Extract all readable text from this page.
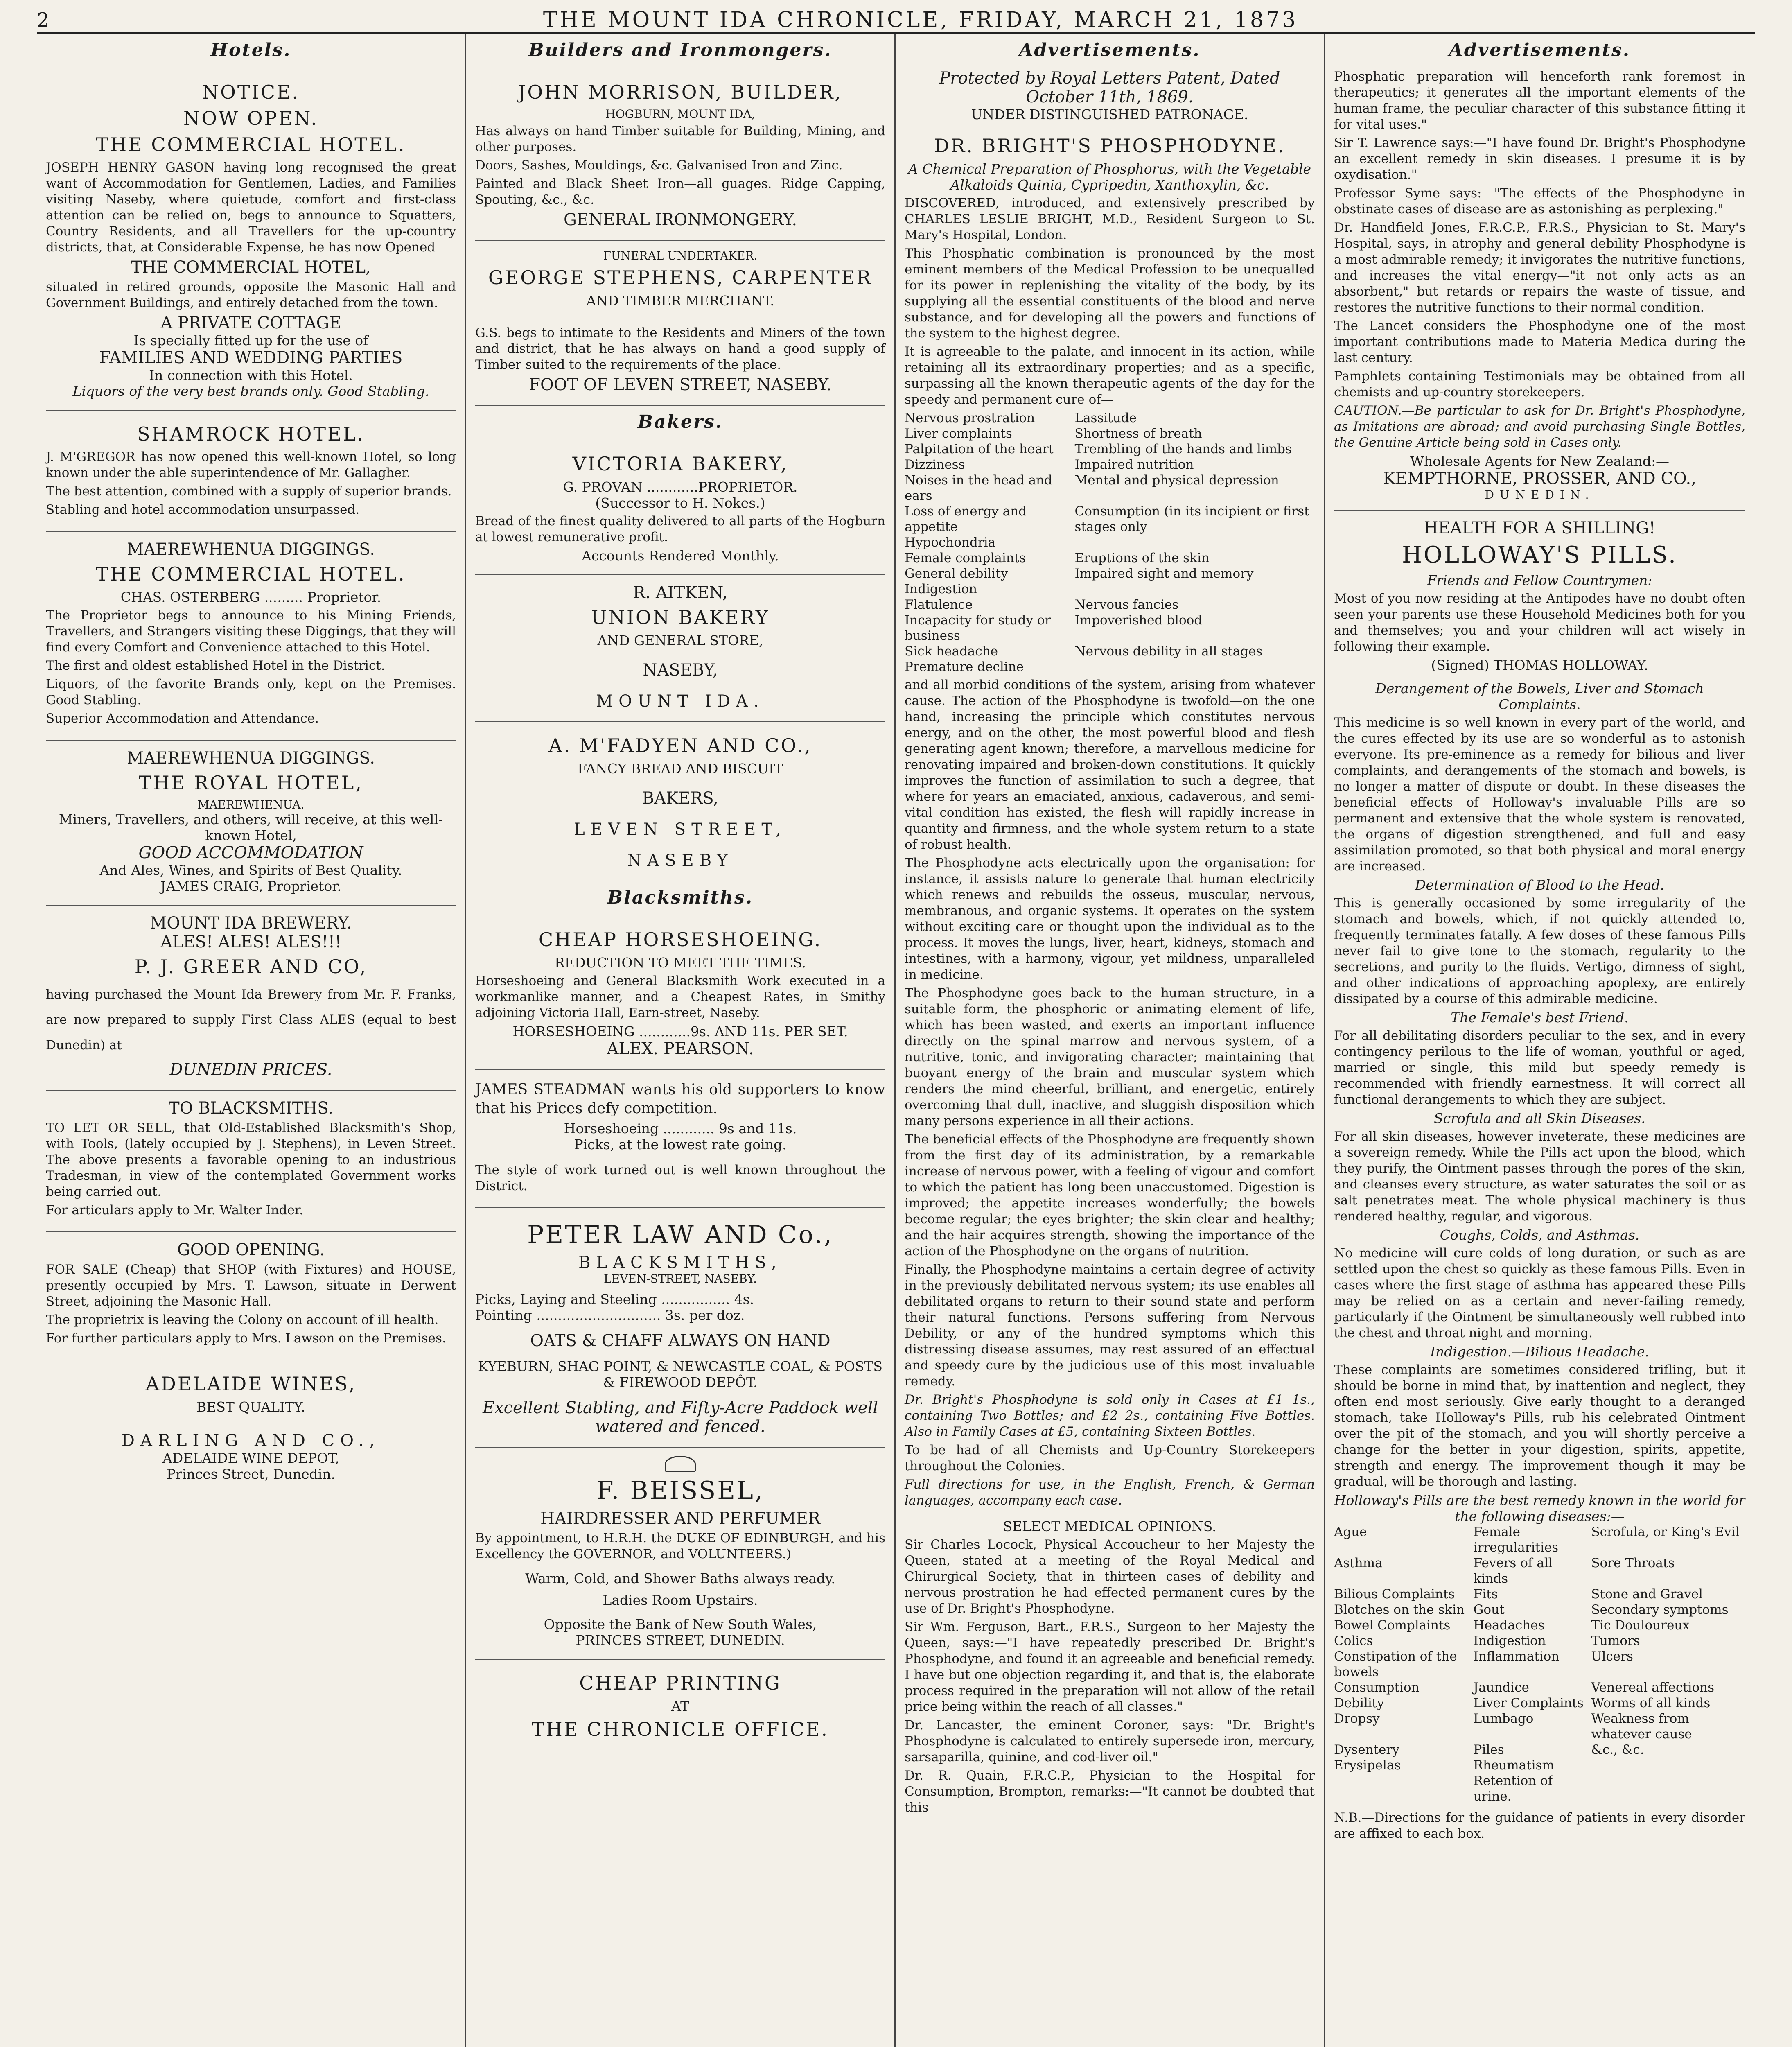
2	THE MOUNT IDA CHRONICLE, FRIDAY, MARCH 21, 1873
Hotels.
NOTICE.
NOW OPEN.
THE COMMERCIAL HOTEL.

JOSEPH HENRY GASON having long recognised the great want of Accommodation for Gentlemen, Ladies, and Families visiting Naseby, where quietude, comfort and first-class attention can be relied on, begs to announce to Squatters, Country Residents, and all Travellers for the up-country districts, that, at Considerable Expense, he has now Opened

THE COMMERCIAL HOTEL,

situated in retired grounds, opposite the Masonic Hall and Government Buildings, and entirely detached from the town.

A PRIVATE COTTAGE
Is specially fitted up for the use of
FAMILIES AND WEDDING PARTIES
In connection with this Hotel.
Liquors of the very best brands only. Good Stabling.
SHAMROCK HOTEL.

J. M'GREGOR has now opened this well-known Hotel, so long known under the able superintendence of Mr. Gallagher.

The best attention, combined with a supply of superior brands.

Stabling and hotel accommodation unsurpassed.

MAEREWHENUA DIGGINGS.
THE COMMERCIAL HOTEL.
CHAS. OSTERBERG ......... Proprietor.

The Proprietor begs to announce to his Mining Friends, Travellers, and Strangers visiting these Diggings, that they will find every Comfort and Convenience attached to this Hotel.

The first and oldest established Hotel in the District.

Liquors, of the favorite Brands only, kept on the Premises. Good Stabling.

Superior Accommodation and Attendance.

MAEREWHENUA DIGGINGS.
THE ROYAL HOTEL,
MAEREWHENUA.
Miners, Travellers, and others, will receive, at this well-known Hotel,
GOOD ACCOMMODATION
And Ales, Wines, and Spirits of Best Quality.
JAMES CRAIG, Proprietor.
MOUNT IDA BREWERY.
ALES! ALES! ALES!!!
P. J. GREER AND CO,

having purchased the Mount Ida Brewery from Mr. F. Franks, are now prepared to supply First Class ALES (equal to best Dunedin) at

DUNEDIN PRICES.
TO BLACKSMITHS.

TO LET OR SELL, that Old-Established Blacksmith's Shop, with Tools, (lately occupied by J. Stephens), in Leven Street. The above presents a favorable opening to an industrious Tradesman, in view of the contemplated Government works being carried out.

For articulars apply to Mr. Walter Inder.

GOOD OPENING.

FOR SALE (Cheap) that SHOP (with Fixtures) and HOUSE, presently occupied by Mrs. T. Lawson, situate in Derwent Street, adjoining the Masonic Hall.

The proprietrix is leaving the Colony on account of ill health.

For further particulars apply to Mrs. Lawson on the Premises.

ADELAIDE WINES,
BEST QUALITY.
DARLING AND CO.,
ADELAIDE WINE DEPOT,
Princes Street, Dunedin.
Builders and Ironmongers.
JOHN MORRISON, BUILDER,
HOGBURN, MOUNT IDA,

Has always on hand Timber suitable for Building, Mining, and other purposes.

Doors, Sashes, Mouldings, &c. Galvanised Iron and Zinc.

Painted and Black Sheet Iron—all guages. Ridge Capping, Spouting, &c., &c.

GENERAL IRONMONGERY.
FUNERAL UNDERTAKER.
GEORGE STEPHENS, CARPENTER
AND TIMBER MERCHANT.

G.S. begs to intimate to the Residents and Miners of the town and district, that he has always on hand a good supply of Timber suited to the requirements of the place.

FOOT OF LEVEN STREET, NASEBY.
Bakers.
VICTORIA BAKERY,
G. PROVAN ............PROPRIETOR.
(Successor to H. Nokes.)

Bread of the finest quality delivered to all parts of the Hogburn at lowest remunerative profit.

Accounts Rendered Monthly.
R. AITKEN,
UNION BAKERY
AND GENERAL STORE,
NASEBY,
MOUNT IDA.
A. M'FADYEN AND CO.,
FANCY BREAD AND BISCUIT
BAKERS,
LEVEN STREET,
NASEBY
Blacksmiths.
CHEAP HORSESHOEING.
REDUCTION TO MEET THE TIMES.

Horseshoeing and General Blacksmith Work executed in a workmanlike manner, and a Cheapest Rates, in Smithy adjoining Victoria Hall, Earn-street, Naseby.

HORSESHOEING ............9s. AND 11s. PER SET.
ALEX. PEARSON.

JAMES STEADMAN wants his old supporters to know that his Prices defy competition.

Horseshoeing ............ 9s and 11s.
Picks, at the lowest rate going.

The style of work turned out is well known throughout the District.

PETER LAW AND Co.,
BLACKSMITHS,
LEVEN-STREET, NASEBY.
Picks, Laying and Steeling ................ 4s.
Pointing ............................. 3s. per doz.
OATS & CHAFF ALWAYS ON HAND
KYEBURN, SHAG POINT, & NEWCASTLE COAL, & POSTS & FIREWOOD DEPÔT.
Excellent Stabling, and Fifty-Acre Paddock well watered and fenced.
F. BEISSEL,
HAIRDRESSER AND PERFUMER

By appointment, to H.R.H. the DUKE OF EDINBURGH, and his Excellency the GOVERNOR, and VOLUNTEERS.)

Warm, Cold, and Shower Baths always ready.
Ladies Room Upstairs.
Opposite the Bank of New South Wales,
PRINCES STREET, DUNEDIN.
CHEAP PRINTING
AT
THE CHRONICLE OFFICE.
Advertisements.
Protected by Royal Letters Patent, Dated October 11th, 1869.
UNDER DISTINGUISHED PATRONAGE.
DR. BRIGHT'S PHOSPHODYNE.
A Chemical Preparation of Phosphorus, with the Vegetable Alkaloids Quinia, Cypripedin, Xanthoxylin, &c.

DISCOVERED, introduced, and extensively prescribed by CHARLES LESLIE BRIGHT, M.D., Resident Surgeon to St. Mary's Hospital, London.

This Phosphatic combination is pronounced by the most eminent members of the Medical Profession to be unequalled for its power in replenishing the vitality of the body, by its supplying all the essential constituents of the blood and nerve substance, and for developing all the powers and functions of the system to the highest degree.

It is agreeable to the palate, and innocent in its action, while retaining all its extraordinary properties; and as a specific, surpassing all the known therapeutic agents of the day for the speedy and permanent cure of—

Nervous prostration	Lassitude
Liver complaints	Shortness of breath
Palpitation of the heart	Trembling of the hands and limbs
Dizziness	Impaired nutrition
Noises in the head and ears	Mental and physical depression
Loss of energy and appetite	Consumption (in its incipient or first stages only
Hypochondria	
Female complaints	Eruptions of the skin
General debility	Impaired sight and memory
Indigestion	
Flatulence	Nervous fancies
Incapacity for study or business	Impoverished blood
Sick headache	Nervous debility in all stages
Premature decline	

and all morbid conditions of the system, arising from whatever cause. The action of the Phosphodyne is twofold—on the one hand, increasing the principle which constitutes nervous energy, and on the other, the most powerful blood and flesh generating agent known; therefore, a marvellous medicine for renovating impaired and broken-down constitutions. It quickly improves the function of assimilation to such a degree, that where for years an emaciated, anxious, cadaverous, and semi-vital condition has existed, the flesh will rapidly increase in quantity and firmness, and the whole system return to a state of robust health.

The Phosphodyne acts electrically upon the organisation: for instance, it assists nature to generate that human electricity which renews and rebuilds the osseus, muscular, nervous, membranous, and organic systems. It operates on the system without exciting care or thought upon the individual as to the process. It moves the lungs, liver, heart, kidneys, stomach and intestines, with a harmony, vigour, yet mildness, unparalleled in medicine.

The Phosphodyne goes back to the human structure, in a suitable form, the phosphoric or animating element of life, which has been wasted, and exerts an important influence directly on the spinal marrow and nervous system, of a nutritive, tonic, and invigorating character; maintaining that buoyant energy of the brain and muscular system which renders the mind cheerful, brilliant, and energetic, entirely overcoming that dull, inactive, and sluggish disposition which many persons experience in all their actions.

The beneficial effects of the Phosphodyne are frequently shown from the first day of its administration, by a remarkable increase of nervous power, with a feeling of vigour and comfort to which the patient has long been unaccustomed. Digestion is improved; the appetite increases wonderfully; the bowels become regular; the eyes brighter; the skin clear and healthy; and the hair acquires strength, showing the importance of the action of the Phosphodyne on the organs of nutrition.

Finally, the Phosphodyne maintains a certain degree of activity in the previously debilitated nervous system; its use enables all debilitated organs to return to their sound state and perform their natural functions. Persons suffering from Nervous Debility, or any of the hundred symptoms which this distressing disease assumes, may rest assured of an effectual and speedy cure by the judicious use of this most invaluable remedy.

Dr. Bright's Phosphodyne is sold only in Cases at £1 1s., containing Two Bottles; and £2 2s., containing Five Bottles. Also in Family Cases at £5, containing Sixteen Bottles.

To be had of all Chemists and Up-Country Storekeepers throughout the Colonies.

Full directions for use, in the English, French, & German languages, accompany each case.

SELECT MEDICAL OPINIONS.

Sir Charles Locock, Physical Accoucheur to her Majesty the Queen, stated at a meeting of the Royal Medical and Chirurgical Society, that in thirteen cases of debility and nervous prostration he had effected permanent cures by the use of Dr. Bright's Phosphodyne.

Sir Wm. Ferguson, Bart., F.R.S., Surgeon to her Majesty the Queen, says:—"I have repeatedly prescribed Dr. Bright's Phosphodyne, and found it an agreeable and beneficial remedy. I have but one objection regarding it, and that is, the elaborate process required in the preparation will not allow of the retail price being within the reach of all classes."

Dr. Lancaster, the eminent Coroner, says:—"Dr. Bright's Phosphodyne is calculated to entirely supersede iron, mercury, sarsaparilla, quinine, and cod-liver oil."

Dr. R. Quain, F.R.C.P., Physician to the Hospital for Consumption, Brompton, remarks:—"It cannot be doubted that this

Advertisements.

Phosphatic preparation will henceforth rank foremost in therapeutics; it generates all the important elements of the human frame, the peculiar character of this substance fitting it for vital uses."

Sir T. Lawrence says:—"I have found Dr. Bright's Phosphodyne an excellent remedy in skin diseases. I presume it is by oxydisation."

Professor Syme says:—"The effects of the Phosphodyne in obstinate cases of disease are as astonishing as perplexing."

Dr. Handfield Jones, F.R.C.P., F.R.S., Physician to St. Mary's Hospital, says, in atrophy and general debility Phosphodyne is a most admirable remedy; it invigorates the nutritive functions, and increases the vital energy—"it not only acts as an absorbent," but retards or repairs the waste of tissue, and restores the nutritive functions to their normal condition.

The Lancet considers the Phosphodyne one of the most important contributions made to Materia Medica during the last century.

Pamphlets containing Testimonials may be obtained from all chemists and up-country storekeepers.

CAUTION.—Be particular to ask for Dr. Bright's Phosphodyne, as Imitations are abroad; and avoid purchasing Single Bottles, the Genuine Article being sold in Cases only.

Wholesale Agents for New Zealand:—
KEMPTHORNE, PROSSER, AND CO.,
DUNEDIN.
HEALTH FOR A SHILLING!
HOLLOWAY'S PILLS.
Friends and Fellow Countrymen:

Most of you now residing at the Antipodes have no doubt often seen your parents use these Household Medicines both for you and themselves; you and your children will act wisely in following their example.

(Signed) THOMAS HOLLOWAY.
Derangement of the Bowels, Liver and Stomach Complaints.

This medicine is so well known in every part of the world, and the cures effected by its use are so wonderful as to astonish everyone. Its pre-eminence as a remedy for bilious and liver complaints, and derangements of the stomach and bowels, is no longer a matter of dispute or doubt. In these diseases the beneficial effects of Holloway's invaluable Pills are so permanent and extensive that the whole system is renovated, the organs of digestion strengthened, and full and easy assimilation promoted, so that both physical and moral energy are increased.

Determination of Blood to the Head.

This is generally occasioned by some irregularity of the stomach and bowels, which, if not quickly attended to, frequently terminates fatally. A few doses of these famous Pills never fail to give tone to the stomach, regularity to the secretions, and purity to the fluids. Vertigo, dimness of sight, and other indications of approaching apoplexy, are entirely dissipated by a course of this admirable medicine.

The Female's best Friend.

For all debilitating disorders peculiar to the sex, and in every contingency perilous to the life of woman, youthful or aged, married or single, this mild but speedy remedy is recommended with friendly earnestness. It will correct all functional derangements to which they are subject.

Scrofula and all Skin Diseases.

For all skin diseases, however inveterate, these medicines are a sovereign remedy. While the Pills act upon the blood, which they purify, the Ointment passes through the pores of the skin, and cleanses every structure, as water saturates the soil or as salt penetrates meat. The whole physical machinery is thus rendered healthy, regular, and vigorous.

Coughs, Colds, and Asthmas.

No medicine will cure colds of long duration, or such as are settled upon the chest so quickly as these famous Pills. Even in cases where the first stage of asthma has appeared these Pills may be relied on as a certain and never-failing remedy, particularly if the Ointment be simultaneously well rubbed into the chest and throat night and morning.

Indigestion.—Bilious Headache.

These complaints are sometimes considered trifling, but it should be borne in mind that, by inattention and neglect, they often end most seriously. Give early thought to a deranged stomach, take Holloway's Pills, rub his celebrated Ointment over the pit of the stomach, and you will shortly perceive a change for the better in your digestion, spirits, appetite, strength and energy. The improvement though it may be gradual, will be thorough and lasting.

Holloway's Pills are the best remedy known in the world for the following diseases:—
Ague	Female irregularities	Scrofula, or King's Evil
Asthma	Fevers of all kinds	Sore Throats
Bilious Complaints	Fits	Stone and Gravel
Blotches on the skin	Gout	Secondary symptoms
Bowel Complaints	Headaches	Tic Douloureux
Colics	Indigestion	Tumors
Constipation of the bowels	Inflammation	Ulcers
Consumption	Jaundice	Venereal affections
Debility	Liver Complaints	Worms of all kinds
Dropsy	Lumbago	Weakness from whatever cause
Dysentery	Piles	&c., &c.
Erysipelas	Rheumatism	
	Retention of urine.	

N.B.—Directions for the guidance of patients in every disorder are affixed to each box.
